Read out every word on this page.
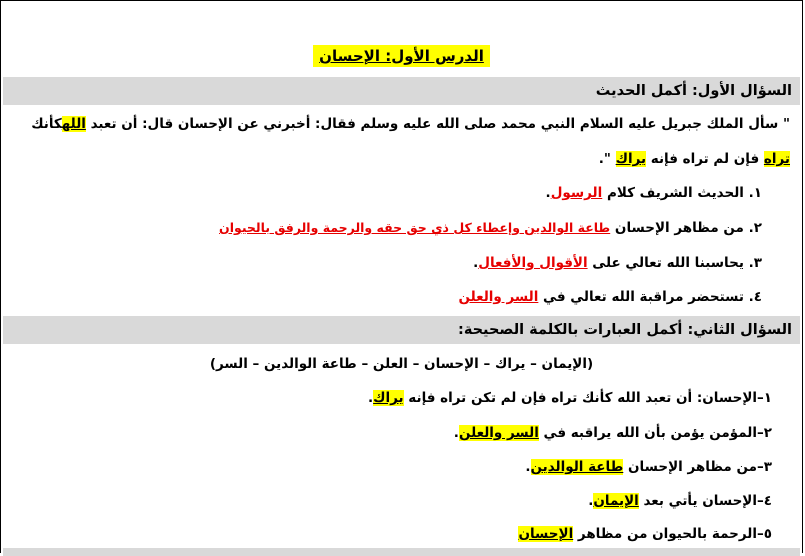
الدرس الأول: الإحسان
السؤال الأول: أكمل الحديث
" سأل الملك جبريل عليه السلام النبي محمد صلى الله عليه وسلم فقال: أخبرني عن الإحسان قال: أن تعبد اللهكأنك
تراه فإن لم تراه فإنه يراك ".
١. الحديث الشريف كلام الرسول.
٢. من مظاهر الإحسان طاعة الوالدين وإعطاء كل ذي حق حقه والرحمة والرفق بالحيوان
٣. يحاسبنا الله تعالي على الأقوال والأفعال.
٤. تستحضر مراقبة الله تعالي في السر والعلن
السؤال الثاني: أكمل العبارات بالكلمة الصحيحة:
(الإيمان – يراك – الإحسان – العلن – طاعة الوالدين – السر)
١–الإحسان: أن تعبد الله كأنك تراه فإن لم تكن تراه فإنه يراك.
٢–المؤمن يؤمن بأن الله يراقبه في السر والعلن.
٣–من مظاهر الإحسان طاعة الوالدين.
٤–الإحسان يأتي بعد الإيمان.
٥–الرحمة بالحيوان من مظاهر الإحسان
